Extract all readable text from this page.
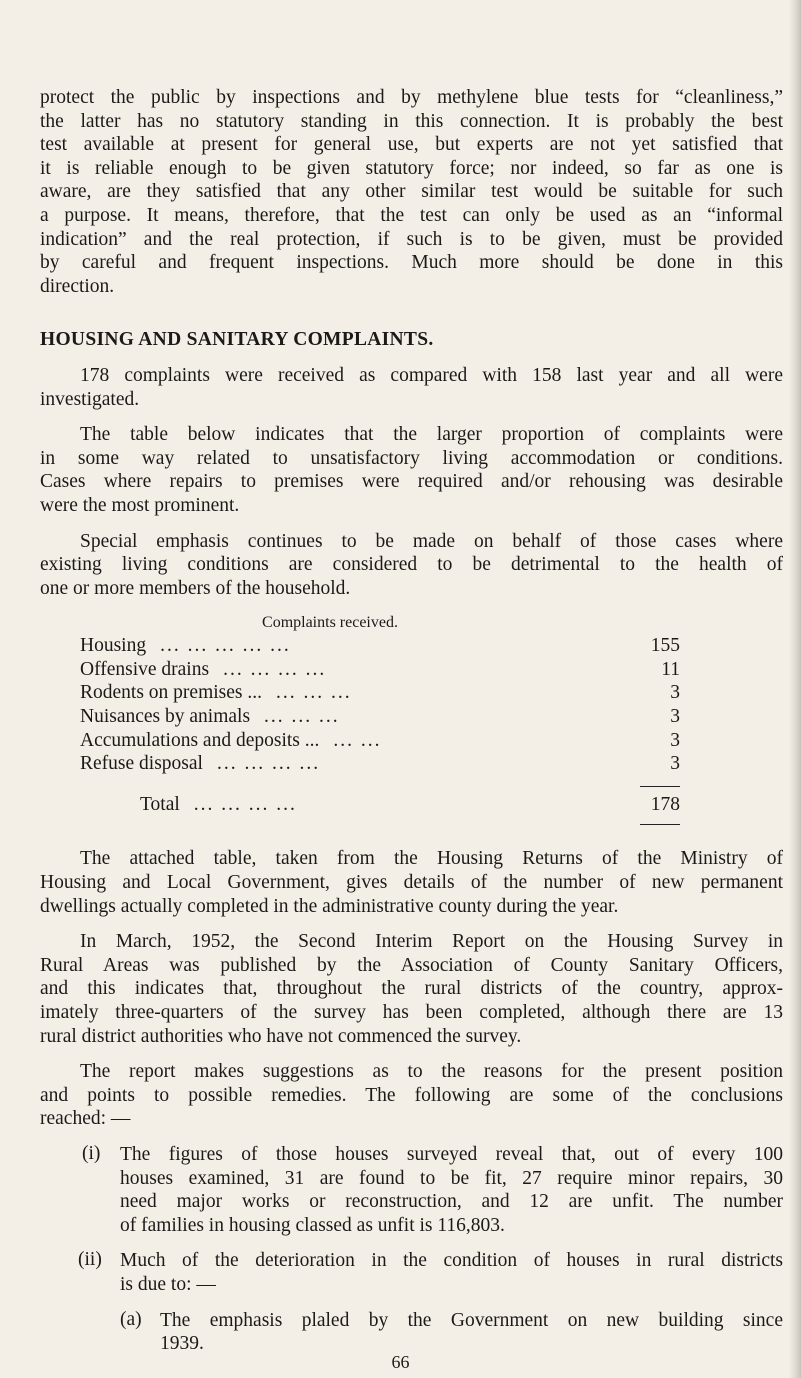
protect the public by inspections and by methylene blue tests for “cleanliness,”
the latter has no statutory standing in this connection. It is probably the best
test available at present for general use, but experts are not yet satisfied that
it is reliable enough to be given statutory force; nor indeed, so far as one is
aware, are they satisfied that any other similar test would be suitable for such
a purpose. It means, therefore, that the test can only be used as an “informal
indication” and the real protection, if such is to be given, must be provided
by careful and frequent inspections. Much more should be done in this
direction.
HOUSING AND SANITARY COMPLAINTS.
178 complaints were received as compared with 158 last year and all were
investigated.
The table below indicates that the larger proportion of complaints were
in some way related to unsatisfactory living accommodation or conditions.
Cases where repairs to premises were required and/or rehousing was desirable
were the most prominent.
Special emphasis continues to be made on behalf of those cases where
existing living conditions are considered to be detrimental to the health of
one or more members of the household.
Complaints received.
Housing ... ... ... ... ...	155
Offensive drains ... ... ... ...	11
Rodents on premises ... ... ... ...	3
Nuisances by animals ... ... ...	3
Accumulations and deposits ... ... ...	3
Refuse disposal ... ... ... ...	3
Total ... ... ... ...	178
The attached table, taken from the Housing Returns of the Ministry of
Housing and Local Government, gives details of the number of new permanent
dwellings actually completed in the administrative county during the year.
In March, 1952, the Second Interim Report on the Housing Survey in
Rural Areas was published by the Association of County Sanitary Officers,
and this indicates that, throughout the rural districts of the country, approx-
imately three-quarters of the survey has been completed, although there are 13
rural district authorities who have not commenced the survey.
The report makes suggestions as to the reasons for the present position
and points to possible remedies. The following are some of the conclusions
reached: —
(i) The figures of those houses surveyed reveal that, out of every 100
houses examined, 31 are found to be fit, 27 require minor repairs, 30
need major works or reconstruction, and 12 are unfit. The number
of families in housing classed as unfit is 116,803.
(ii) Much of the deterioration in the condition of houses in rural districts
is due to: —
(a) The emphasis plaled by the Government on new building since
1939.
66
